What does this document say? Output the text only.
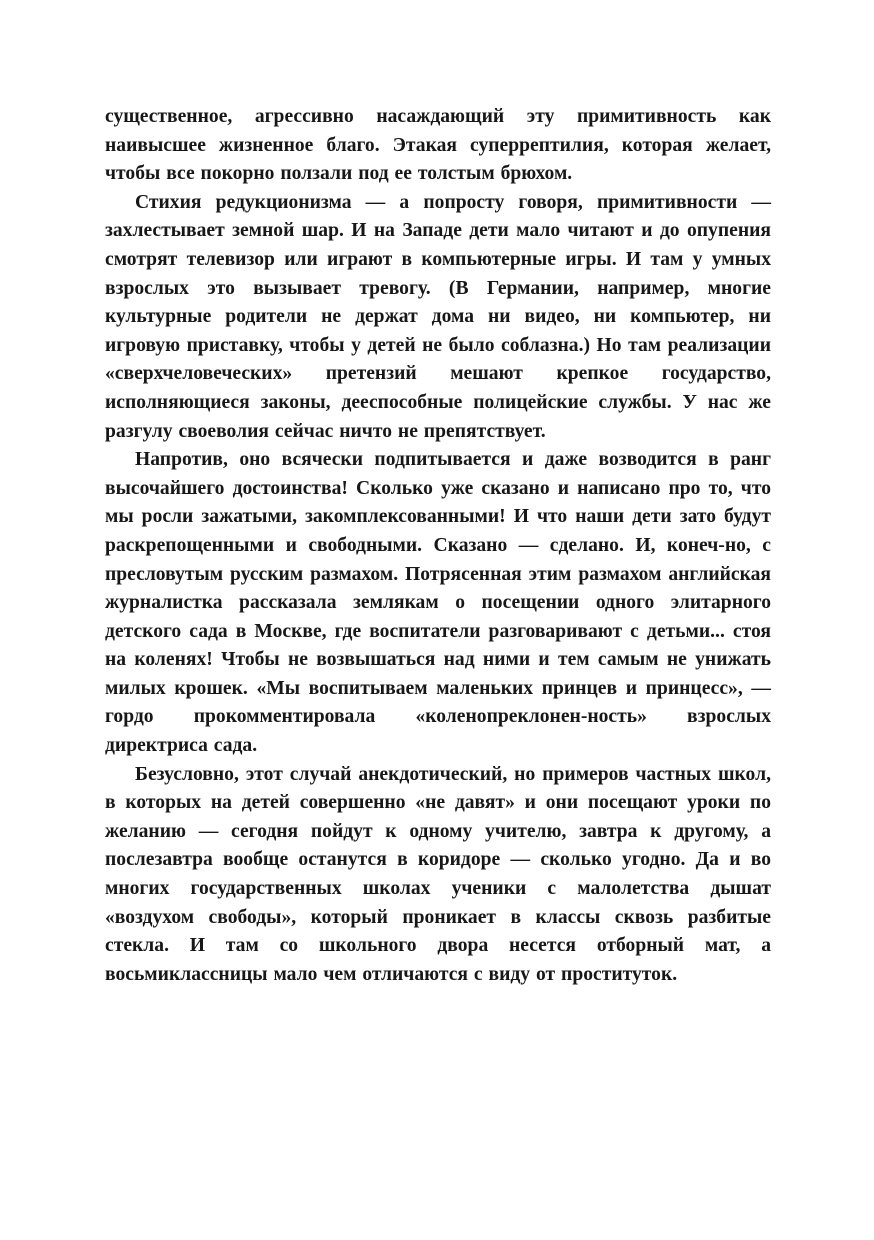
существенное, агрессивно насаждающий эту примитивность как наивысшее жизненное благо. Этакая суперрептилия, которая желает, чтобы все покорно ползали под ее толстым брюхом.

Стихия редукционизма — а попросту говоря, примитивности — захлестывает земной шар. И на Западе дети мало читают и до опупения смотрят телевизор или играют в компьютерные игры. И там у умных взрослых это вызывает тревогу. (В Германии, например, многие культурные родители не держат дома ни видео, ни компьютер, ни игровую приставку, чтобы у детей не было соблазна.) Но там реализации «сверхчеловеческих» претензий мешают крепкое государство, исполняющиеся законы, дееспособные полицейские службы. У нас же разгулу своеволия сейчас ничто не препятствует.

Напротив, оно всячески подпитывается и даже возводится в ранг высочайшего достоинства! Сколько уже сказано и написано про то, что мы росли зажатыми, закомплексованными! И что наши дети зато будут раскрепощенными и свободными. Сказано — сделано. И, конеч-но, с пресловутым русским размахом. Потрясенная этим размахом английская журналистка рассказала землякам о посещении одного элитарного детского сада в Москве, где воспитатели разговаривают с детьми... стоя на коленях! Чтобы не возвышаться над ними и тем самым не унижать милых крошек. «Мы воспитываем маленьких принцев и принцесс», — гордо прокомментировала «коленопреклонен-ность» взрослых директриса сада.

Безусловно, этот случай анекдотический, но примеров частных школ, в которых на детей совершенно «не давят» и они посещают уроки по желанию — сегодня пойдут к одному учителю, завтра к другому, а послезавтра вообще останутся в коридоре — сколько угодно. Да и во многих государственных школах ученики с малолетства дышат «воздухом свободы», который проникает в классы сквозь разбитые стекла. И там со школьного двора несется отборный мат, а восьмиклассницы мало чем отличаются с виду от проституток.
